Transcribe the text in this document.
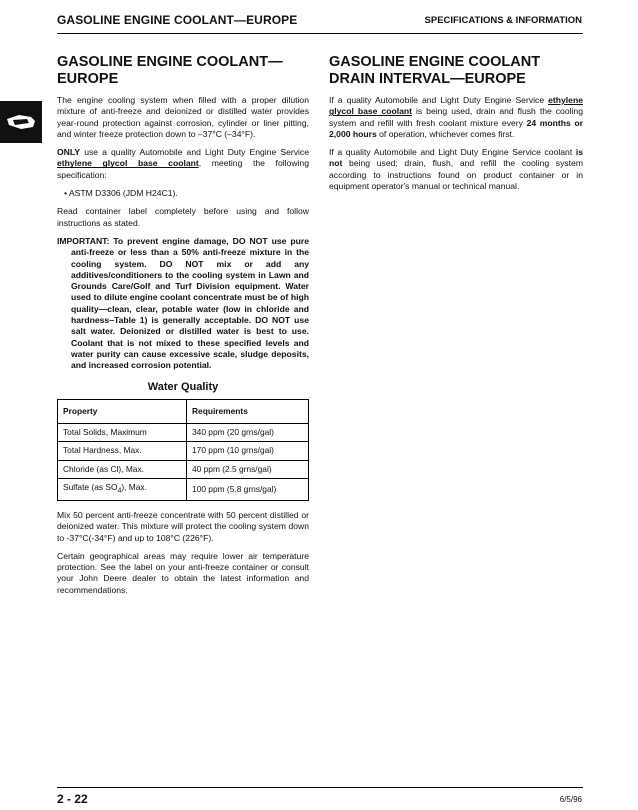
GASOLINE ENGINE COOLANT—EUROPE	SPECIFICATIONS & INFORMATION
GASOLINE ENGINE COOLANT—EUROPE

The engine cooling system when filled with a proper dilution mixture of anti-freeze and deionized or distilled water provides year-round protection against corrosion, cylinder or liner pitting, and winter freeze protection down to –37°C (–34°F).

ONLY use a quality Automobile and Light Duty Engine Service ethylene glycol base coolant, meeting the following specification:

• ASTM D3306 (JDM H24C1).

Read container label completely before using and follow instructions as stated.

IMPORTANT: To prevent engine damage, DO NOT use pure anti-freeze or less than a 50% anti-freeze mixture in the cooling system. DO NOT mix or add any additives/conditioners to the cooling system in Lawn and Grounds Care/Golf and Turf Division equipment. Water used to dilute engine coolant concentrate must be of high quality—clean, clear, potable water (low in chloride and hardness–Table 1) is generally acceptable. DO NOT use salt water. Deionized or distilled water is best to use. Coolant that is not mixed to these specified levels and water purity can cause excessive scale, sludge deposits, and increased corrosion potential.
Water Quality
Property	Requirements
Total Solids, Maximum	340 ppm (20 grns/gal)
Total Hardness, Max.	170 ppm (10 grns/gal)
Chloride (as Cl), Max.	40 ppm (2.5 grns/gal)
Sulfate (as $SO_4$), Max.	100 ppm (5.8 grns/gal)

Mix 50 percent anti-freeze concentrate with 50 percent distilled or deionized water. This mixture will protect the cooling system down to -37°C(-34°F) and up to 108°C (226°F).

Certain geographical areas may require lower air temperature protection. See the label on your anti-freeze container or consult your John Deere dealer to obtain the latest information and recommendations.

GASOLINE ENGINE COOLANT DRAIN INTERVAL—EUROPE

If a quality Automobile and Light Duty Engine Service ethylene glycol base coolant is being used, drain and flush the cooling system and refill with fresh coolant mixture every 24 months or 2,000 hours of operation, whichever comes first.

If a quality Automobile and Light Duty Engine Service coolant is not being used; drain, flush, and refill the cooling system according to instructions found on product container or in equipment operator's manual or technical manual.

2 - 22	6/5/96
